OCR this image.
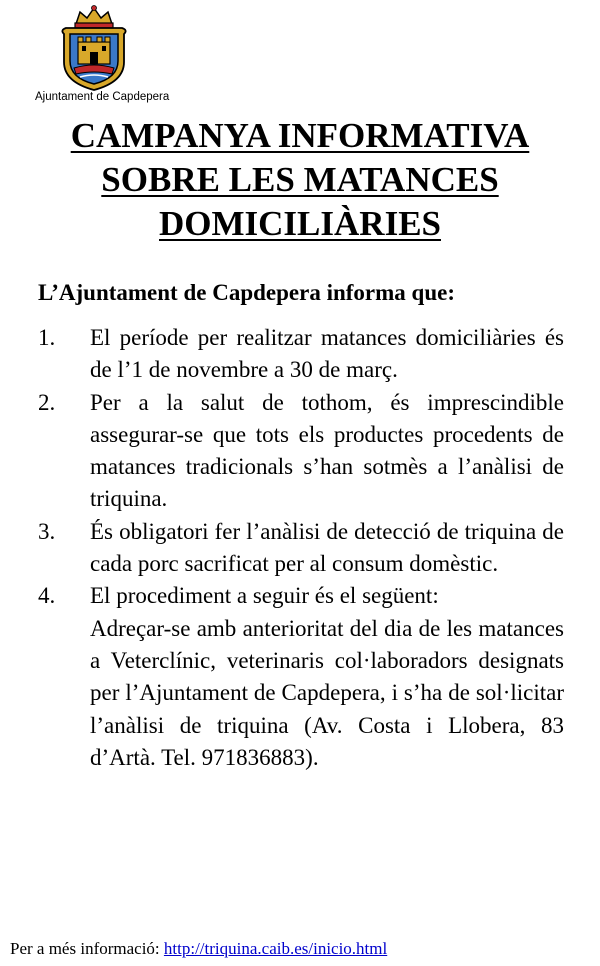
Ajuntament de Capdepera
CAMPANYA INFORMATIVA
SOBRE LES MATANCES
DOMICILIÀRIES
L’Ajuntament de Capdepera informa que:
1. El període per realitzar matances domiciliàries és de l’1 de novembre a 30 de març.

2. Per a la salut de tothom, és imprescindible assegurar-se que tots els productes procedents de matances tradicionals s’han sotmès a l’anàlisi de triquina.

3. És obligatori fer l’anàlisi de detecció de triquina de cada porc sacrificat per al consum domèstic.

4. El procediment a seguir és el següent:

Adreçar-se amb anterioritat del dia de les matances a Veterclínic, veterinaris col·laboradors designats per l’Ajuntament de Capdepera, i s’ha de sol·licitar l’anàlisi de triquina (Av. Costa i Llobera, 83 d’Artà. Tel. 971836883).

Per a més informació: http://triquina.caib.es/inicio.html
